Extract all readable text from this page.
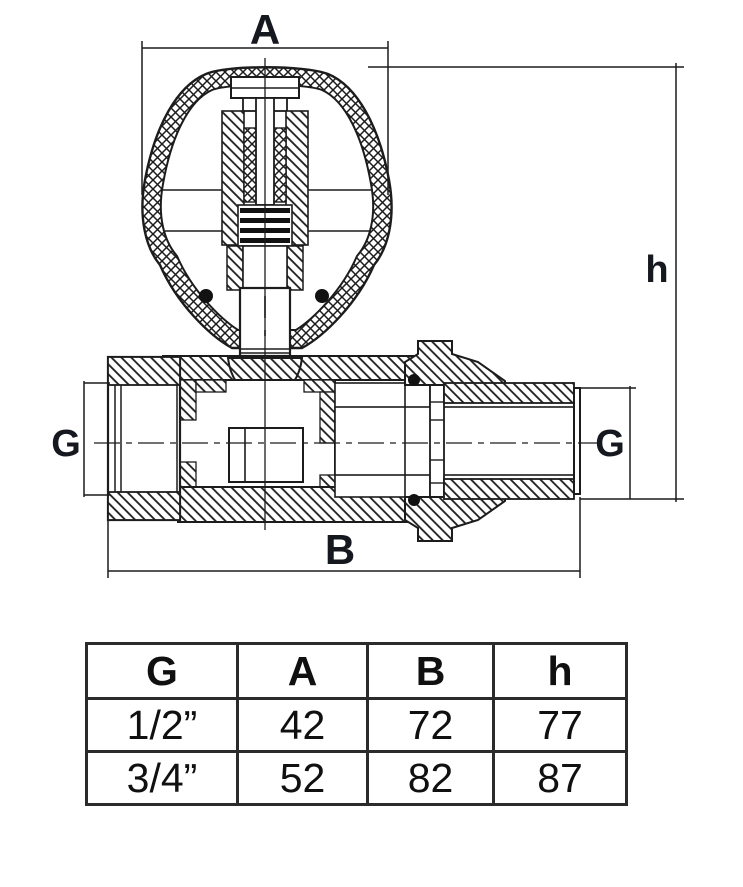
A
h
G	G
B
G	A	B	h
1/2”	42	72	77
3/4”	52	82	87
